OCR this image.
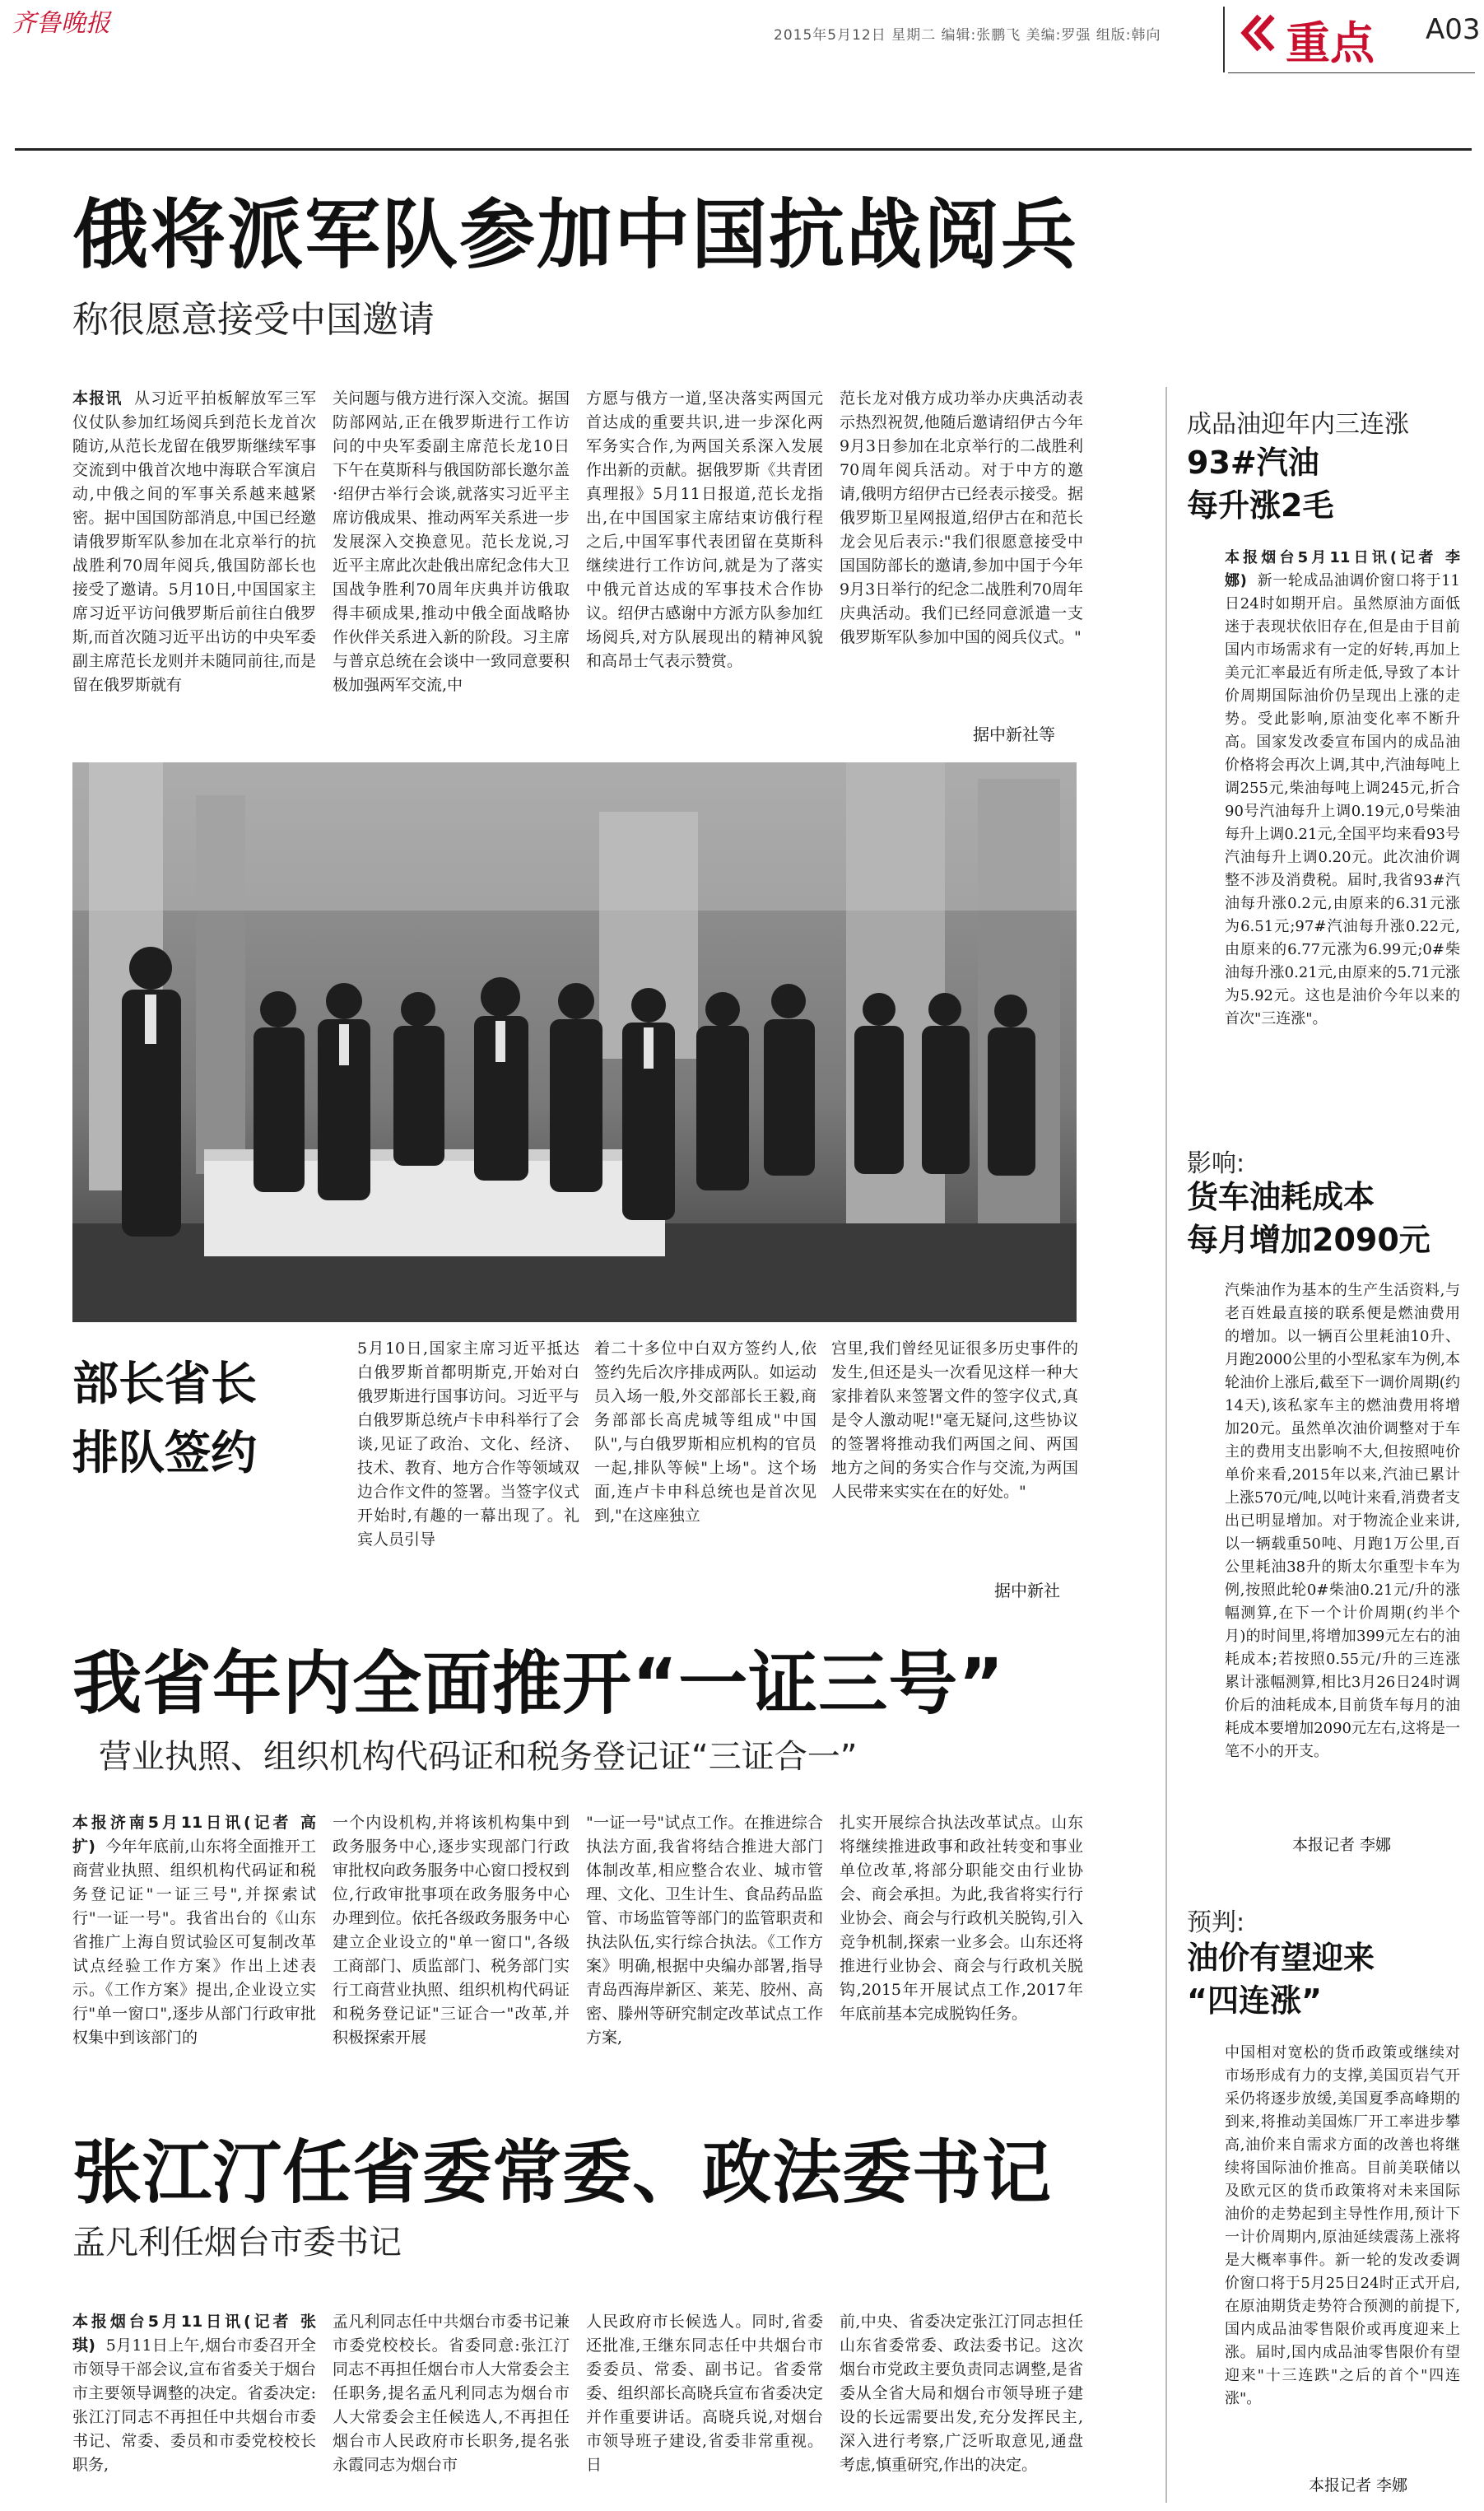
齐鲁晚报	2015年5月12日 星期二 编辑:张鹏飞 美编:罗强 组版:韩向	重点 A03
俄将派军队参加中国抗战阅兵
称很愿意接受中国邀请
本报讯 从习近平拍板解放军三军仪仗队参加红场阅兵到范长龙首次随访,从范长龙留在俄罗斯继续军事交流到中俄首次地中海联合军演启动,中俄之间的军事关系越来越紧密。据中国国防部消息,中国已经邀请俄罗斯军队参加在北京举行的抗战胜利70周年阅兵,俄国防部长也接受了邀请。5月10日,中国国家主席习近平访问俄罗斯后前往白俄罗斯,而首次随习近平出访的中央军委副主席范长龙则并未随同前往,而是留在俄罗斯就有
关问题与俄方进行深入交流。据国防部网站,正在俄罗斯进行工作访问的中央军委副主席范长龙10日下午在莫斯科与俄国防部长邀尔盖·绍伊古举行会谈,就落实习近平主席访俄成果、推动两军关系进一步发展深入交换意见。范长龙说,习近平主席此次赴俄出席纪念伟大卫国战争胜利70周年庆典并访俄取得丰硕成果,推动中俄全面战略协作伙伴关系进入新的阶段。习主席与普京总统在会谈中一致同意要积极加强两军交流,中
方愿与俄方一道,坚决落实两国元首达成的重要共识,进一步深化两军务实合作,为两国关系深入发展作出新的贡献。据俄罗斯《共青团真理报》5月11日报道,范长龙指出,在中国国家主席结束访俄行程之后,中国军事代表团留在莫斯科继续进行工作访问,就是为了落实中俄元首达成的军事技术合作协议。绍伊古感谢中方派方队参加红场阅兵,对方队展现出的精神风貌和高昂士气表示赞赏。
范长龙对俄方成功举办庆典活动表示热烈祝贺,他随后邀请绍伊古今年9月3日参加在北京举行的二战胜利70周年阅兵活动。对于中方的邀请,俄明方绍伊古已经表示接受。据俄罗斯卫星网报道,绍伊古在和范长龙会见后表示:"我们很愿意接受中国国防部长的邀请,参加中国于今年9月3日举行的纪念二战胜利70周年庆典活动。我们已经同意派遣一支俄罗斯军队参加中国的阅兵仪式。"
据中新社等
部长省长
排队签约
5月10日,国家主席习近平抵达白俄罗斯首都明斯克,开始对白俄罗斯进行国事访问。习近平与白俄罗斯总统卢卡申科举行了会谈,见证了政治、文化、经济、技术、教育、地方合作等领域双边合作文件的签署。当签字仪式开始时,有趣的一幕出现了。礼宾人员引导
着二十多位中白双方签约人,依签约先后次序排成两队。如运动员入场一般,外交部部长王毅,商务部部长高虎城等组成"中国队",与白俄罗斯相应机构的官员一起,排队等候"上场"。这个场面,连卢卡申科总统也是首次见到,"在这座独立
宫里,我们曾经见证很多历史事件的发生,但还是头一次看见这样一种大家排着队来签署文件的签字仪式,真是令人激动呢!"毫无疑问,这些协议的签署将推动我们两国之间、两国地方之间的务实合作与交流,为两国人民带来实实在在的好处。"
据中新社
我省年内全面推开“一证三号”
营业执照、组织机构代码证和税务登记证“三证合一”
本报济南5月11日讯(记者 高扩) 今年年底前,山东将全面推开工商营业执照、组织机构代码证和税务登记证"一证三号",并探索试行"一证一号"。我省出台的《山东省推广上海自贸试验区可复制改革试点经验工作方案》作出上述表示。《工作方案》提出,企业设立实行"单一窗口",逐步从部门行政审批权集中到该部门的
一个内设机构,并将该机构集中到政务服务中心,逐步实现部门行政审批权向政务服务中心窗口授权到位,行政审批事项在政务服务中心办理到位。依托各级政务服务中心建立企业设立的"单一窗口",各级工商部门、质监部门、税务部门实行工商营业执照、组织机构代码证和税务登记证"三证合一"改革,并积极探索开展
"一证一号"试点工作。在推进综合执法方面,我省将结合推进大部门体制改革,相应整合农业、城市管理、文化、卫生计生、食品药品监管、市场监管等部门的监管职责和执法队伍,实行综合执法。《工作方案》明确,根据中央编办部署,指导青岛西海岸新区、莱芜、胶州、高密、滕州等研究制定改革试点工作方案,
扎实开展综合执法改革试点。山东将继续推进政事和政社转变和事业单位改革,将部分职能交由行业协会、商会承担。为此,我省将实行行业协会、商会与行政机关脱钩,引入竞争机制,探索一业多会。山东还将推进行业协会、商会与行政机关脱钩,2015年开展试点工作,2017年年底前基本完成脱钩任务。
张江汀任省委常委、政法委书记
孟凡利任烟台市委书记
本报烟台5月11日讯(记者 张琪) 5月11日上午,烟台市委召开全市领导干部会议,宣布省委关于烟台市主要领导调整的决定。省委决定:张江汀同志不再担任中共烟台市委书记、常委、委员和市委党校校长职务,
孟凡利同志任中共烟台市委书记兼市委党校校长。省委同意:张江汀同志不再担任烟台市人大常委会主任职务,提名孟凡利同志为烟台市人大常委会主任候选人,不再担任烟台市人民政府市长职务,提名张永霞同志为烟台市
人民政府市长候选人。同时,省委还批准,王继东同志任中共烟台市委委员、常委、副书记。省委常委、组织部长高晓兵宣布省委决定并作重要讲话。高晓兵说,对烟台市领导班子建设,省委非常重视。日
前,中央、省委决定张江汀同志担任山东省委常委、政法委书记。这次烟台市党政主要负责同志调整,是省委从全省大局和烟台市领导班子建设的长远需要出发,充分发挥民主,深入进行考察,广泛听取意见,通盘考虑,慎重研究,作出的决定。
成品油迎年内三连涨
93#汽油
每升涨2毛
本报烟台5月11日讯(记者 李娜) 新一轮成品油调价窗口将于11日24时如期开启。虽然原油方面低迷于表现状依旧存在,但是由于目前国内市场需求有一定的好转,再加上美元汇率最近有所走低,导致了本计价周期国际油价仍呈现出上涨的走势。受此影响,原油变化率不断升高。国家发改委宣布国内的成品油价格将会再次上调,其中,汽油每吨上调255元,柴油每吨上调245元,折合90号汽油每升上调0.19元,0号柴油每升上调0.21元,全国平均来看93号汽油每升上调0.20元。此次油价调整不涉及消费税。届时,我省93#汽油每升涨0.2元,由原来的6.31元涨为6.51元;97#汽油每升涨0.22元,由原来的6.77元涨为6.99元;0#柴油每升涨0.21元,由原来的5.71元涨为5.92元。这也是油价今年以来的首次"三连涨"。
影响:
货车油耗成本
每月增加2090元
汽柴油作为基本的生产生活资料,与老百姓最直接的联系便是燃油费用的增加。以一辆百公里耗油10升、月跑2000公里的小型私家车为例,本轮油价上涨后,截至下一调价周期(约14天),该私家车主的燃油费用将增加20元。虽然单次油价调整对于车主的费用支出影响不大,但按照吨价单价来看,2015年以来,汽油已累计上涨570元/吨,以吨计来看,消费者支出已明显增加。对于物流企业来讲,以一辆载重50吨、月跑1万公里,百公里耗油38升的斯太尔重型卡车为例,按照此轮0#柴油0.21元/升的涨幅测算,在下一个计价周期(约半个月)的时间里,将增加399元左右的油耗成本;若按照0.55元/升的三连涨累计涨幅测算,相比3月26日24时调价后的油耗成本,目前货车每月的油耗成本要增加2090元左右,这将是一笔不小的开支。
本报记者 李娜
预判:
油价有望迎来
“四连涨”
中国相对宽松的货币政策或继续对市场形成有力的支撑,美国页岩气开采仍将逐步放缓,美国夏季高峰期的到来,将推动美国炼厂开工率进步攀高,油价来自需求方面的改善也将继续将国际油价推高。目前美联储以及欧元区的货币政策将对未来国际油价的走势起到主导性作用,预计下一计价周期内,原油延续震荡上涨将是大概率事件。新一轮的发改委调价窗口将于5月25日24时正式开启,在原油期货走势符合预测的前提下,国内成品油零售限价或再度迎来上涨。届时,国内成品油零售限价有望迎来"十三连跌"之后的首个"四连涨"。
本报记者 李娜
